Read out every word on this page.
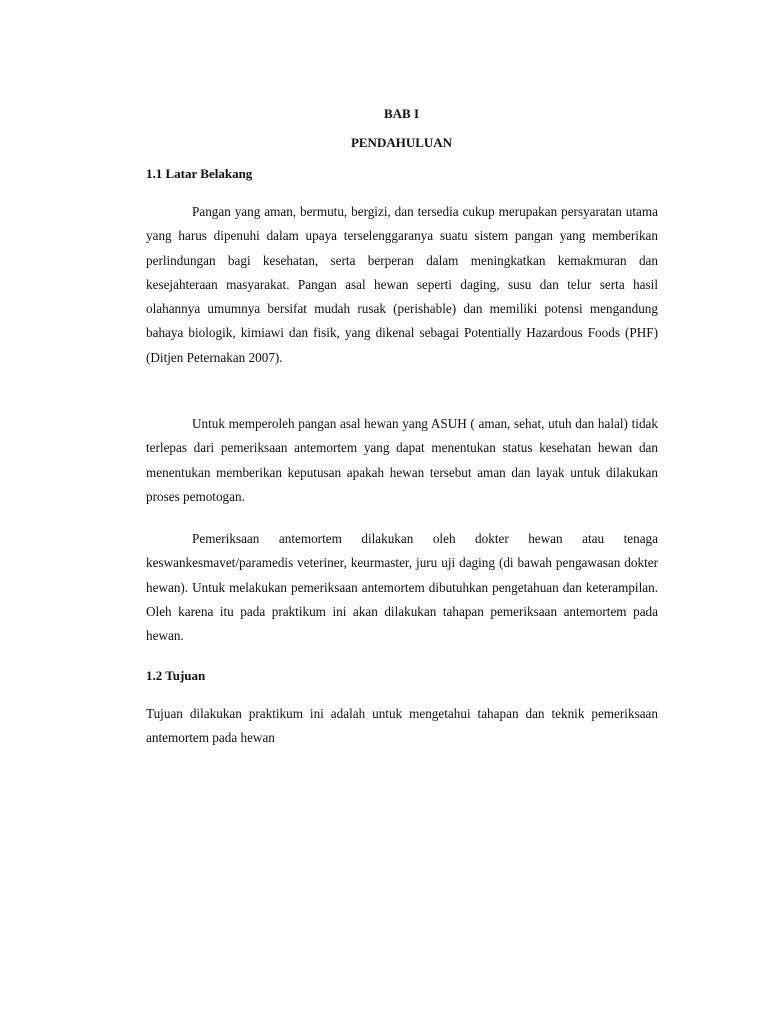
BAB I
PENDAHULUAN
1.1 Latar Belakang

Pangan yang aman, bermutu, bergizi, dan tersedia cukup merupakan persyaratan utama yang harus dipenuhi dalam upaya terselenggaranya suatu sistem pangan yang memberikan perlindungan bagi kesehatan, serta berperan dalam meningkatkan kemakmuran dan kesejahteraan masyarakat. Pangan asal hewan seperti daging, susu dan telur serta hasil olahannya umumnya bersifat mudah rusak (perishable) dan memiliki potensi mengandung bahaya biologik, kimiawi dan fisik, yang dikenal sebagai Potentially Hazardous Foods (PHF) (Ditjen Peternakan 2007).

Untuk memperoleh pangan asal hewan yang ASUH ( aman, sehat, utuh dan halal) tidak terlepas dari pemeriksaan antemortem yang dapat menentukan status kesehatan hewan dan menentukan memberikan keputusan apakah hewan tersebut aman dan layak untuk dilakukan proses pemotogan.

Pemeriksaan antemortem dilakukan oleh dokter hewan atau tenaga keswankesmavet/paramedis veteriner, keurmaster, juru uji daging (di bawah pengawasan dokter hewan). Untuk melakukan pemeriksaan antemortem dibutuhkan pengetahuan dan keterampilan. Oleh karena itu pada praktikum ini akan dilakukan tahapan pemeriksaan antemortem pada hewan.

1.2 Tujuan

Tujuan dilakukan praktikum ini adalah untuk mengetahui tahapan dan teknik pemeriksaan antemortem pada hewan
